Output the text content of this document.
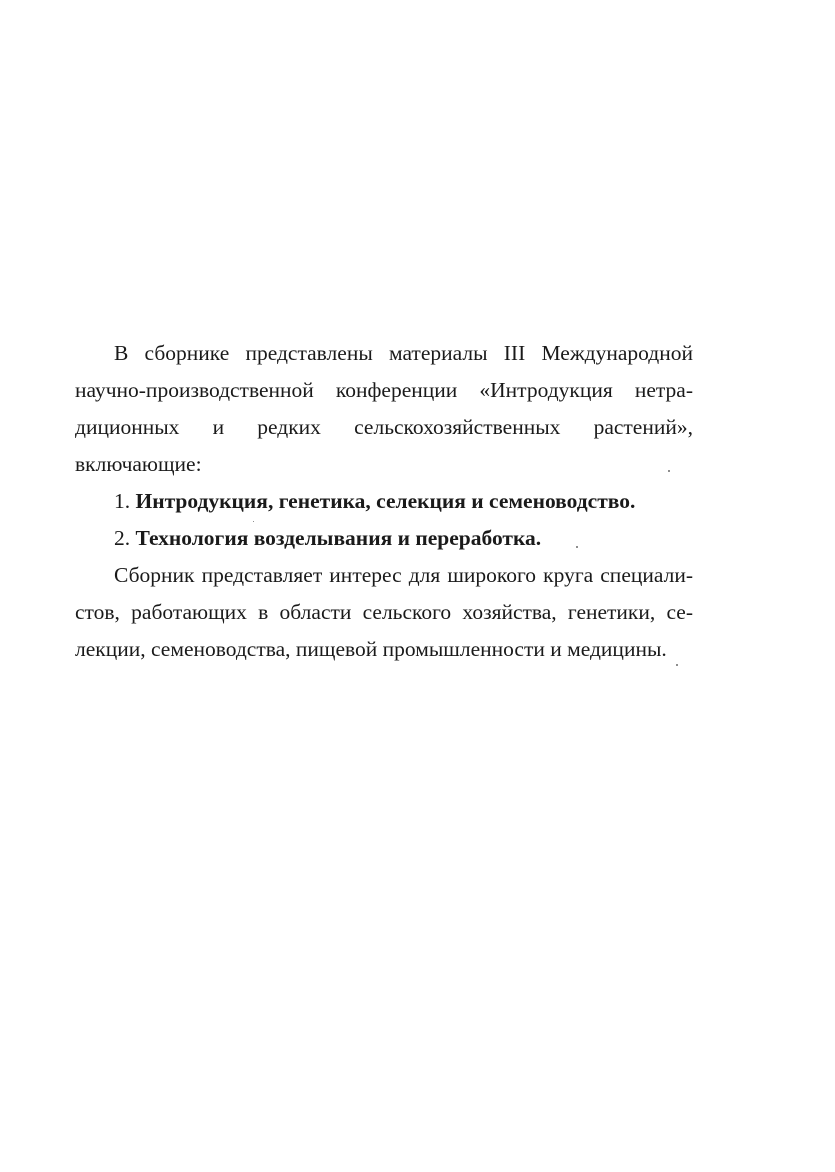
В сборнике представлены материалы III Международной научно-производственной конференции «Интродукция нетра-диционных и редких сельскохозяйственных растений», включающие:

1. Интродукция, генетика, селекция и семеноводство.

2. Технология возделывания и переработка.

Сборник представляет интерес для широкого круга специали-стов, работающих в области сельского хозяйства, генетики, се-лекции, семеноводства, пищевой промышленности и медицины.
